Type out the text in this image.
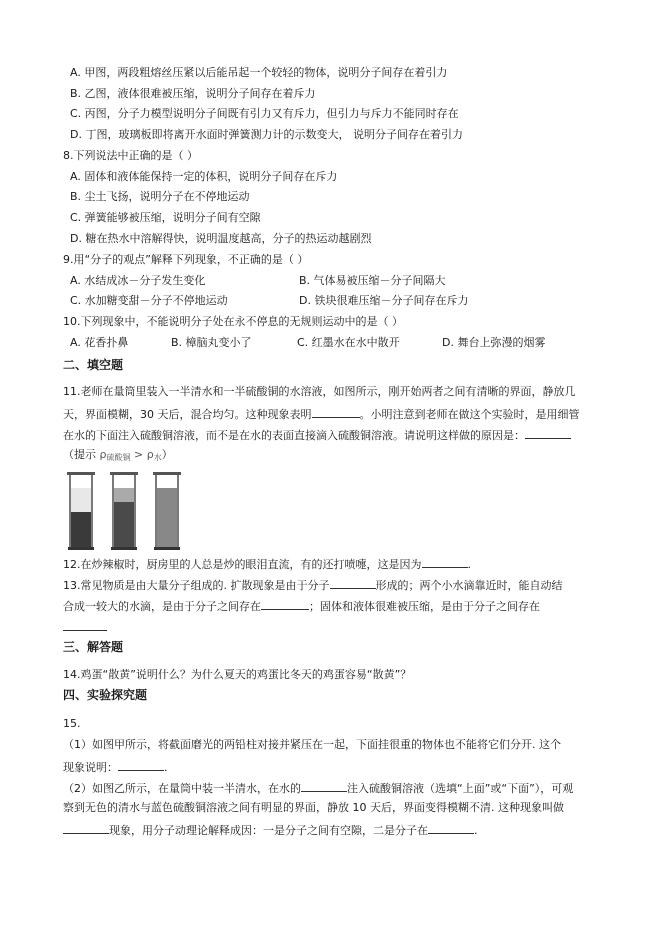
A. 甲图，两段粗熔丝压紧以后能吊起一个较轻的物体，说明分子间存在着引力
B. 乙图，液体很难被压缩，说明分子间存在着斥力
C. 丙图，分子力模型说明分子间既有引力又有斥力，但引力与斥力不能同时存在
D. 丁图，玻璃板即将离开水面时弹簧测力计的示数变大， 说明分子间存在着引力
8.下列说法中正确的是（ ）
A. 固体和液体能保持一定的体积，说明分子间存在斥力
B. 尘土飞扬，说明分子在不停地运动
C. 弹簧能够被压缩，说明分子间有空隙
D. 糖在热水中溶解得快，说明温度越高，分子的热运动越剧烈
9.用“分子的观点”解释下列现象，不正确的是（ ）
A. 水结成冰－分子发生变化	B. 气体易被压缩－分子间隔大
C. 水加糖变甜－分子不停地运动	D. 铁块很难压缩－分子间存在斥力
10.下列现象中，不能说明分子处在永不停息的无规则运动中的是（ ）
A. 花香扑鼻	B. 樟脑丸变小了	C. 红墨水在水中散开	D. 舞台上弥漫的烟雾
二、填空题
11.老师在量筒里装入一半清水和一半硫酸铜的水溶液，如图所示，刚开始两者之间有清晰的界面，静放几
天，界面模糊，30 天后，混合均匀。这种现象表明	。小明注意到老师在做这个实验时，是用细管
在水的下面注入硫酸铜溶液，而不是在水的表面直接滴入硫酸铜溶液。请说明这样做的原因是：
（提示 ρ硫酸铜 > ρ水）
12.在炒辣椒时，厨房里的人总是炒的眼泪直流，有的还打喷嚏，这是因为	.
13.常见物质是由大量分子组成的. 扩散现象是由于分子	形成的；两个小水滴靠近时，能自动结
合成一较大的水滴，是由于分子之间存在	；固体和液体很难被压缩，是由于分子之间存在
三、解答题
14.鸡蛋“散黄”说明什么？为什么夏天的鸡蛋比冬天的鸡蛋容易“散黄”？
四、实验探究题
15.
（1）如图甲所示，将截面磨光的两铅柱对接并紧压在一起，下面挂很重的物体也不能将它们分开. 这个
现象说明：	.
（2）如图乙所示，在量筒中装一半清水，在水的	注入硫酸铜溶液（选填“上面”或“下面”），可观
察到无色的清水与蓝色硫酸铜溶液之间有明显的界面，静放 10 天后，界面变得模糊不清. 这种现象叫做
现象，用分子动理论解释成因：一是分子之间有空隙，二是分子在	.
